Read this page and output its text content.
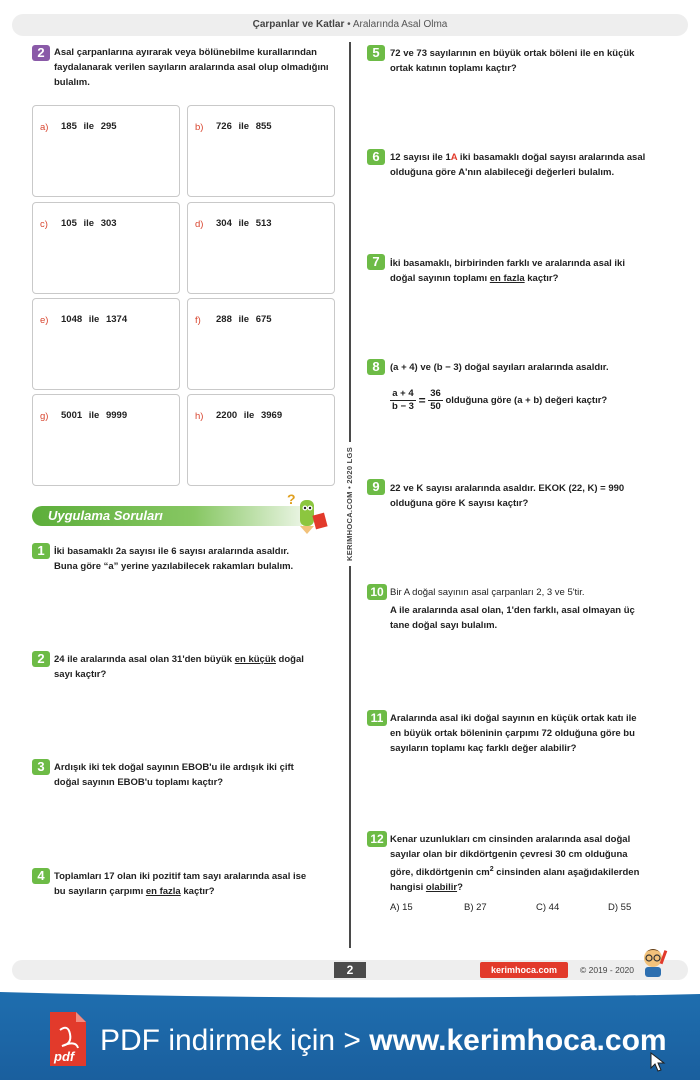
Çarpanlar ve Katlar • Aralarında Asal Olma
KERIMHOCA.COM • 2020 LGS
2 Asal çarpanlarına ayırarak veya bölünebilme kurallarından
faydalanarak verilen sayıların aralarında asal olup olmadığını
bulalım.
a) 185 ile 295	b) 726 ile 855
c) 105 ile 303	d) 304 ile 513
e) 1048 ile 1374	f) 288 ile 675
g) 5001 ile 9999	h) 2200 ile 3969
Uygulama Soruları
?
1 İki basamaklı 2a sayısı ile 6 sayısı aralarında asaldır.
Buna göre “a” yerine yazılabilecek rakamları bulalım.
2 24 ile aralarında asal olan 31'den büyük en küçük doğal
sayı kaçtır?
3 Ardışık iki tek doğal sayının EBOB'u ile ardışık iki çift
doğal sayının EBOB'u toplamı kaçtır?
4 Toplamları 17 olan iki pozitif tam sayı aralarında asal ise
bu sayıların çarpımı en fazla kaçtır?
5	72 ve 73 sayılarının en büyük ortak böleni ile en küçük
ortak katının toplamı kaçtır?
6	12 sayısı ile 1A iki basamaklı doğal sayısı aralarında asal
olduğuna göre A'nın alabileceği değerleri bulalım.
7	İki basamaklı, birbirinden farklı ve aralarında asal iki
doğal sayının toplamı en fazla kaçtır?
8	(a + 4) ve (b − 3) doğal sayıları aralarında asaldır.
$\frac{a + 4}{b - 3} = \frac{36}{50}$ olduğuna göre (a + b) değeri kaçtır?
9	22 ve K sayısı aralarında asaldır. EKOK (22, K) = 990
olduğuna göre K sayısı kaçtır?
10 Bir A doğal sayının asal çarpanları 2, 3 ve 5'tir.
A ile aralarında asal olan, 1'den farklı, asal olmayan üç
tane doğal sayı bulalım.
11 Aralarında asal iki doğal sayının en küçük ortak katı ile
en büyük ortak böleninin çarpımı 72 olduğuna göre bu
sayıların toplamı kaç farklı değer alabilir?
12 Kenar uzunlukları cm cinsinden aralarında asal doğal
sayılar olan bir dikdörtgenin çevresi 30 cm olduğuna
göre, dikdörtgenin $cm^2$ cinsinden alanı aşağıdakilerden
hangisi olabilir?
A) 15	B) 27	C) 44	D) 55
2	kerimhoca.com	© 2019 - 2020
pdf PDF indirmek için > www.kerimhoca.com
